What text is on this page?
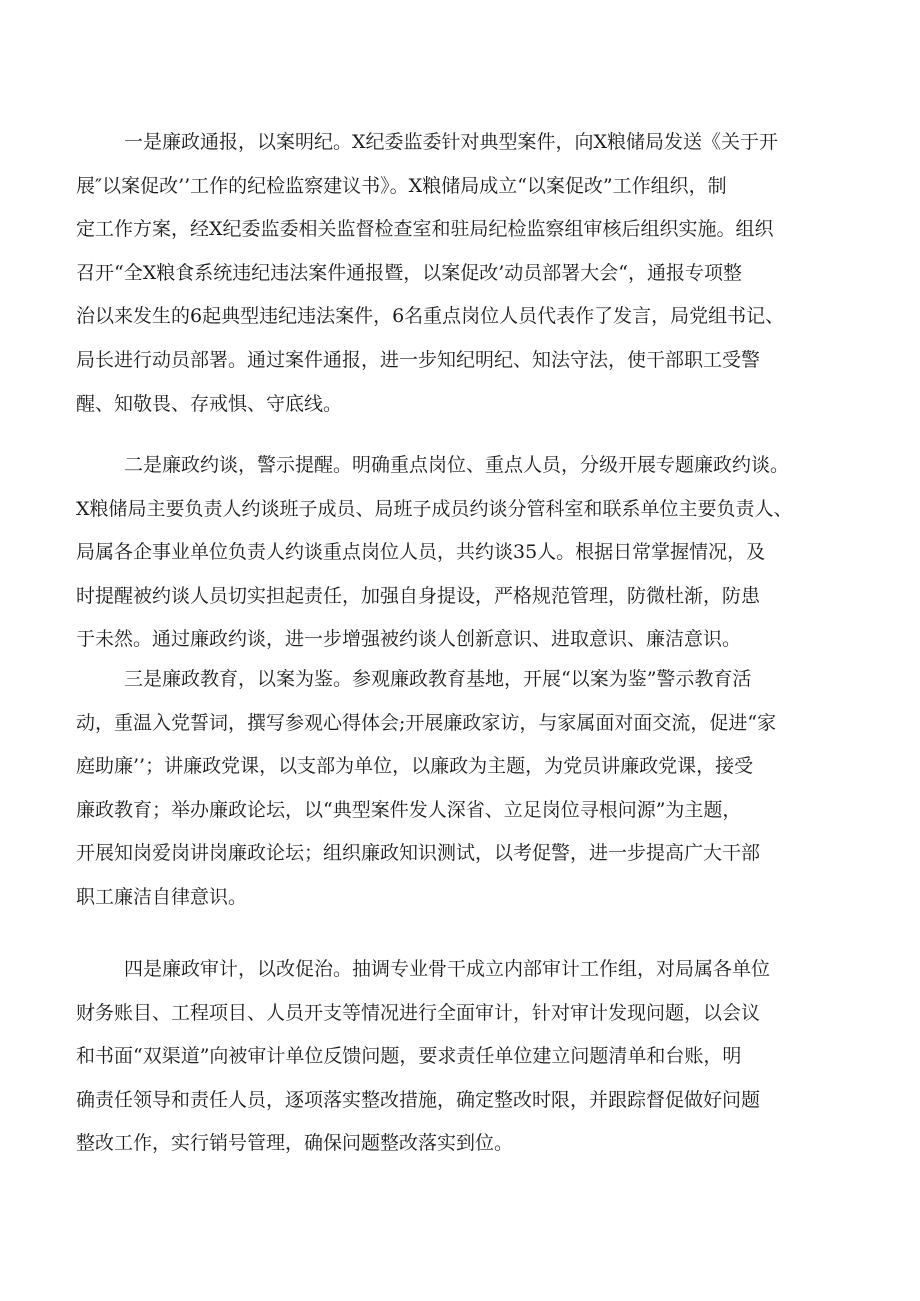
一是廉政通报，以案明纪。X纪委监委针对典型案件，向X粮储局发送《关于开
展″以案促改’’工作的纪检监察建议书》。X粮储局成立“以案促改”工作组织，制
定工作方案，经X纪委监委相关监督检查室和驻局纪检监察组审核后组织实施。组织
召开“全X粮食系统违纪违法案件通报暨，以案促改’动员部署大会“，通报专项整
治以来发生的6起典型违纪违法案件，6名重点岗位人员代表作了发言，局党组书记、
局长进行动员部署。通过案件通报，进一步知纪明纪、知法守法，使干部职工受警
醒、知敬畏、存戒惧、守底线。
二是廉政约谈，警示提醒。明确重点岗位、重点人员，分级开展专题廉政约谈。
X粮储局主要负责人约谈班子成员、局班子成员约谈分管科室和联系单位主要负责人、
局属各企事业单位负责人约谈重点岗位人员，共约谈35人。根据日常掌握情况，及
时提醒被约谈人员切实担起责任，加强自身提设，严格规范管理，防微杜渐，防患
于未然。通过廉政约谈，进一步增强被约谈人创新意识、进取意识、廉洁意识。
三是廉政教育，以案为鉴。参观廉政教育基地，开展“以案为鉴”警示教育活
动，重温入党誓词，撰写参观心得体会;开展廉政家访，与家属面对面交流，促进“家
庭助廉’’；讲廉政党课，以支部为单位，以廉政为主题，为党员讲廉政党课，接受
廉政教育；举办廉政论坛，以“典型案件发人深省、立足岗位寻根问源”为主题，
开展知岗爱岗讲岗廉政论坛；组织廉政知识测试，以考促警，进一步提高广大干部
职工廉洁自律意识。
四是廉政审计，以改促治。抽调专业骨干成立内部审计工作组，对局属各单位
财务账目、工程项目、人员开支等情况进行全面审计，针对审计发现问题，以会议
和书面“双渠道”向被审计单位反馈问题，要求责任单位建立问题清单和台账，明
确责任领导和责任人员，逐项落实整改措施，确定整改时限，并跟踪督促做好问题
整改工作，实行销号管理，确保问题整改落实到位。
